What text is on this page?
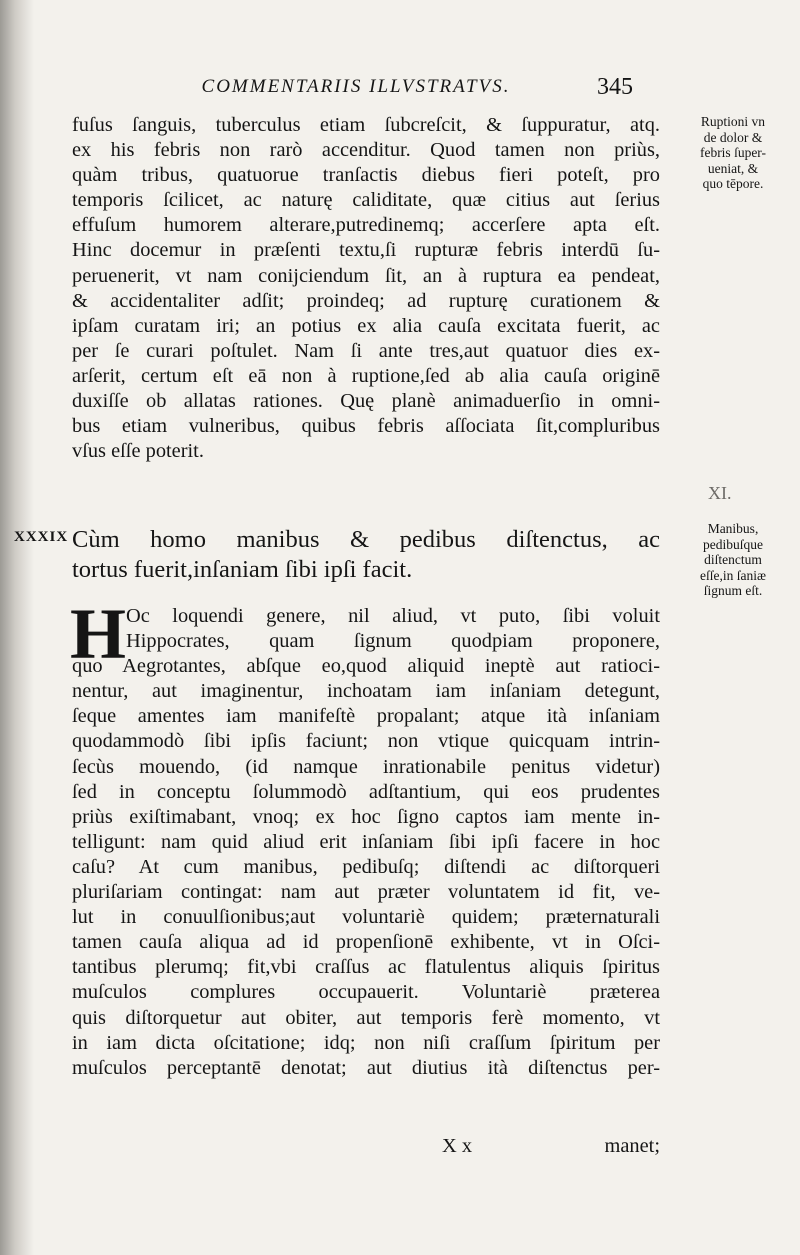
COMMENTARIIS ILLVSTRATVS.	345
fuſus ſanguis, tuberculus etiam ſubcreſcit, & ſuppuratur, atq.
ex his febris non rarò accenditur. Quod tamen non priùs,
quàm tribus, quatuorue tranſactis diebus fieri poteſt, pro
temporis ſcilicet, ac naturę caliditate, quæ citius aut ſerius
effuſum humorem alterare,putredinemq; accerſere apta eſt.
Hinc docemur in præſenti textu,ſi rupturæ febris interdū ſu-
peruenerit, vt nam conijciendum ſit, an à ruptura ea pendeat,
& accidentaliter adſit; proindeq; ad rupturę curationem &
ipſam curatam iri; an potius ex alia cauſa excitata fuerit, ac
per ſe curari poſtulet. Nam ſi ante tres,aut quatuor dies ex-
arſerit, certum eſt eā non à ruptione,ſed ab alia cauſa originē
duxiſſe ob allatas rationes. Quę planè animaduerſio in omni-
bus etiam vulneribus, quibus febris aſſociata ſit,compluribus
vſus eſſe poterit.
XXXIX Cùm homo manibus & pedibus diſtenctus, ac
tortus fuerit,inſaniam ſibi ipſi facit.
H Oc loquendi genere, nil aliud, vt puto, ſibi voluit
Hippocrates, quam ſignum quodpiam proponere,
quo Aegrotantes, abſque eo,quod aliquid ineptè aut ratioci-
nentur, aut imaginentur, inchoatam iam inſaniam detegunt,
ſeque amentes iam manifeſtè propalant; atque ità inſaniam
quodammodò ſibi ipſis faciunt; non vtique quicquam intrin-
ſecùs mouendo, (id namque inrationabile penitus videtur)
ſed in conceptu ſolummodò adſtantium, qui eos prudentes
priùs exiſtimabant, vnoq; ex hoc ſigno captos iam mente in-
telligunt: nam quid aliud erit inſaniam ſibi ipſi facere in hoc
caſu? At cum manibus, pedibuſq; diſtendi ac diſtorqueri
pluriſariam contingat: nam aut præter voluntatem id fit, ve-
lut in conuulſionibus;aut voluntariè quidem; præternaturali
tamen cauſa aliqua ad id propenſionē exhibente, vt in Oſci-
tantibus plerumq; fit,vbi craſſus ac flatulentus aliquis ſpiritus
muſculos complures occupauerit. Voluntariè præterea
quis diſtorquetur aut obiter, aut temporis ferè momento, vt
in iam dicta oſcitatione; idq; non niſi craſſum ſpiritum per
muſculos perceptantē denotat; aut diutius ità diſtenctus per-
X x	manet;
Ruptioni vn
de dolor &
febris ſuper-
ueniat, &
quo tēpore.
XI.
Manibus,
pedibuſque
diſtenctum
eſſe,in ſaniæ
ſignum eſt.
